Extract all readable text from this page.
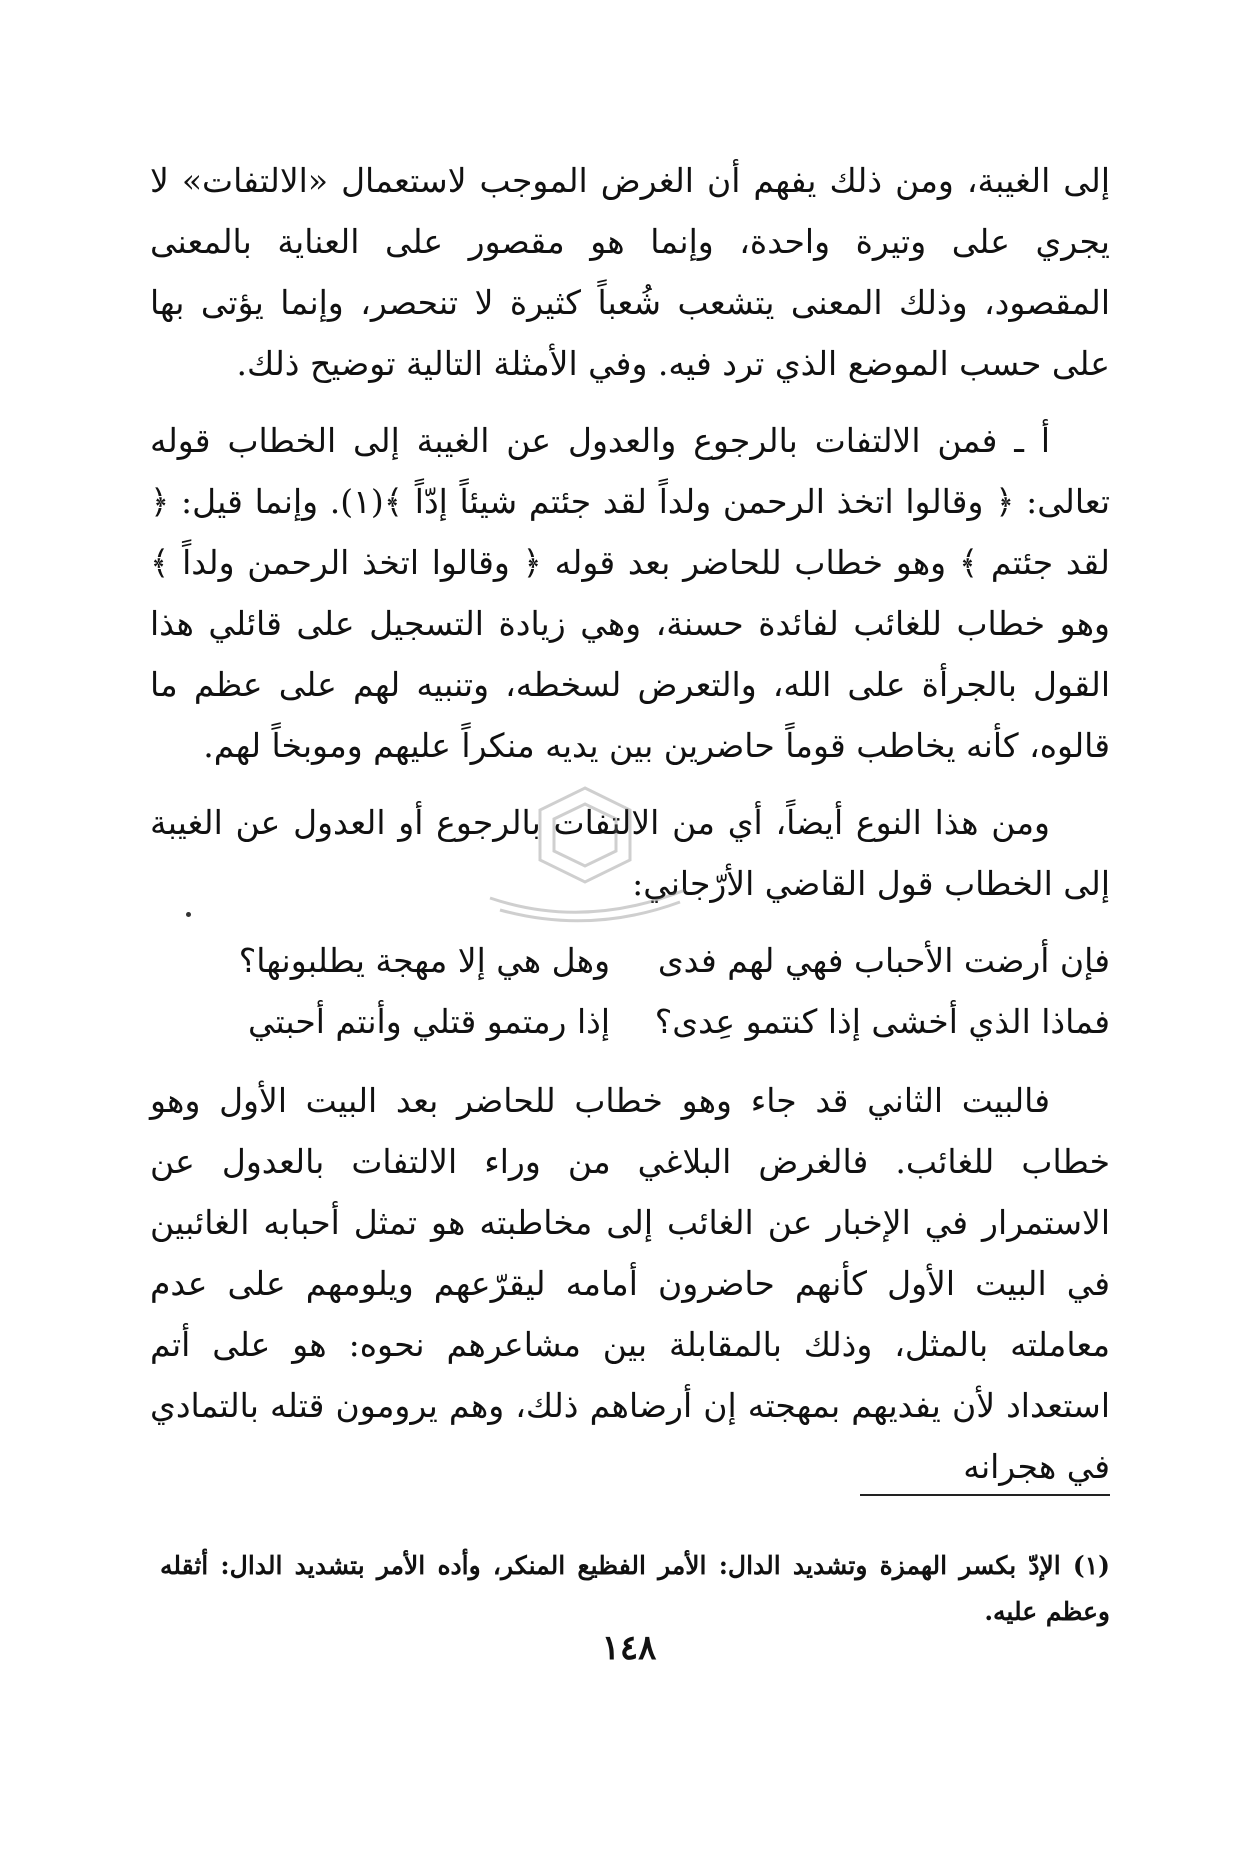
إلى الغيبة، ومن ذلك يفهم أن الغرض الموجب لاستعمال «الالتفات» لا يجري على وتيرة واحدة، وإنما هو مقصور على العناية بالمعنى المقصود، وذلك المعنى يتشعب شُعباً كثيرة لا تنحصر، وإنما يؤتى بها على حسب الموضع الذي ترد فيه. وفي الأمثلة التالية توضيح ذلك.

أ ـ فمن الالتفات بالرجوع والعدول عن الغيبة إلى الخطاب قوله تعالى: ﴿ وقالوا اتخذ الرحمن ولداً لقد جئتم شيئاً إدّاً ﴾(١). وإنما قيل: ﴿ لقد جئتم ﴾ وهو خطاب للحاضر بعد قوله ﴿ وقالوا اتخذ الرحمن ولداً ﴾ وهو خطاب للغائب لفائدة حسنة، وهي زيادة التسجيل على قائلي هذا القول بالجرأة على الله، والتعرض لسخطه، وتنبيه لهم على عظم ما قالوه، كأنه يخاطب قوماً حاضرين بين يديه منكراً عليهم وموبخاً لهم.

ومن هذا النوع أيضاً، أي من الالتفات بالرجوع أو العدول عن الغيبة إلى الخطاب قول القاضي الأرّجاني:

فإن أرضت الأحباب فهي لهم فدى
وهل هي إلا مهجة يطلبونها؟
فماذا الذي أخشى إذا كنتمو عِدى؟
إذا رمتمو قتلي وأنتم أحبتي

فالبيت الثاني قد جاء وهو خطاب للحاضر بعد البيت الأول وهو خطاب للغائب. فالغرض البلاغي من وراء الالتفات بالعدول عن الاستمرار في الإخبار عن الغائب إلى مخاطبته هو تمثل أحبابه الغائبين في البيت الأول كأنهم حاضرون أمامه ليقرّعهم ويلومهم على عدم معاملته بالمثل، وذلك بالمقابلة بين مشاعرهم نحوه: هو على أتم استعداد لأن يفديهم بمهجته إن أرضاهم ذلك، وهم يرومون قتله بالتمادي في هجرانه

(١) الإدّ بكسر الهمزة وتشديد الدال: الأمر الفظيع المنكر، وأده الأمر بتشديد الدال: أثقله وعظم عليه.

١٤٨
